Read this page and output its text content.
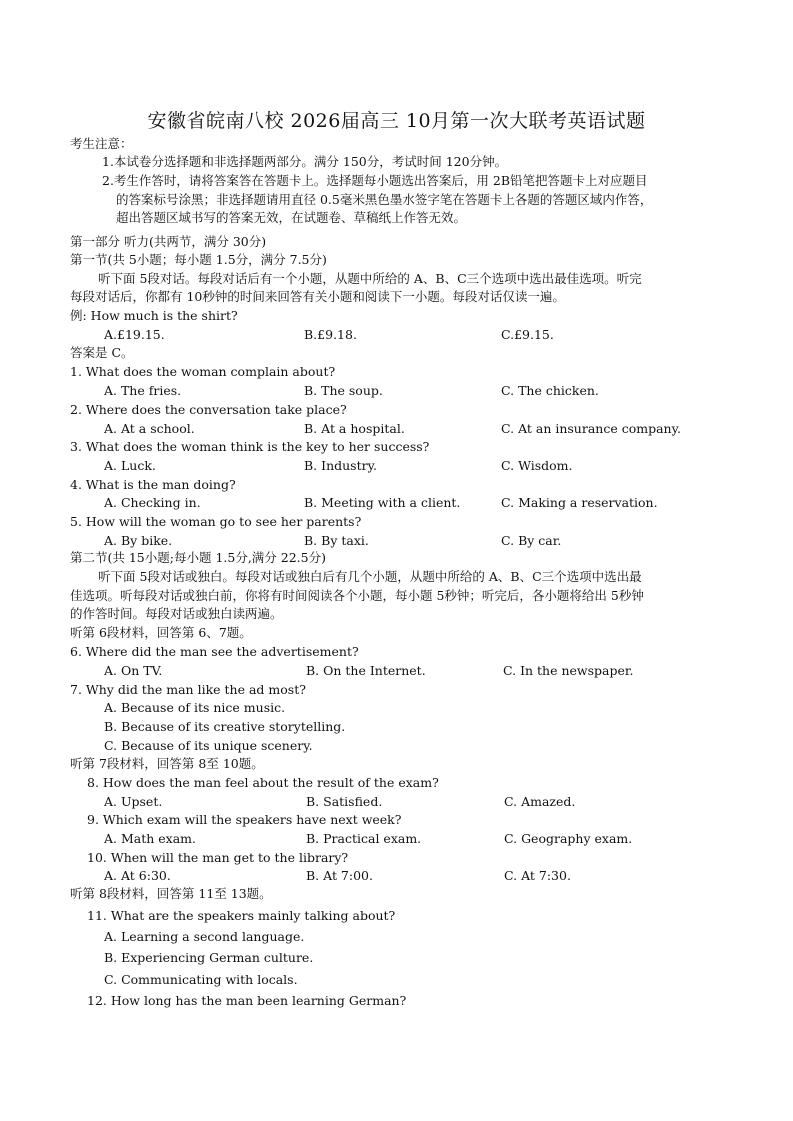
安徽省皖南八校 2026届高三 10月第一次大联考英语试题
考生注意：
1.本试卷分选择题和非选择题两部分。满分 150分，考试时间 120分钟。
2.考生作答时，请将答案答在答题卡上。选择题每小题选出答案后，用 2B铅笔把答题卡上对应题目
的答案标号涂黑；非选择题请用直径 0.5毫米黑色墨水签字笔在答题卡上各题的答题区域内作答，
超出答题区域书写的答案无效，在试题卷、草稿纸上作答无效。
第一部分 听力(共两节，满分 30分)
第一节(共 5小题；每小题 1.5分，满分 7.5分)
听下面 5段对话。每段对话后有一个小题，从题中所给的 A、B、C三个选项中选出最佳选项。听完
每段对话后，你都有 10秒钟的时间来回答有关小题和阅读下一小题。每段对话仅读一遍。
例: How much is the shirt?
A.£19.15.	B.£9.18.	C.£9.15.
答案是 C。
1. What does the woman complain about?
A. The fries.	B. The soup.	C. The chicken.
2. Where does the conversation take place?
A. At a school.	B. At a hospital.	C. At an insurance company.
3. What does the woman think is the key to her success?
A. Luck.	B. Industry.	C. Wisdom.
4. What is the man doing?
A. Checking in.	B. Meeting with a client.	C. Making a reservation.
5. How will the woman go to see her parents?
A. By bike.	B. By taxi.	C. By car.
第二节(共 15小题;每小题 1.5分,满分 22.5分)
听下面 5段对话或独白。每段对话或独白后有几个小题，从题中所给的 A、B、C三个选项中选出最
佳选项。听每段对话或独白前，你将有时间阅读各个小题，每小题 5秒钟；听完后，各小题将给出 5秒钟
的作答时间。每段对话或独白读两遍。
听第 6段材料，回答第 6、7题。
6. Where did the man see the advertisement?
A. On TV.	B. On the Internet.	C. In the newspaper.
7. Why did the man like the ad most?
A. Because of its nice music.
B. Because of its creative storytelling.
C. Because of its unique scenery.
听第 7段材料，回答第 8至 10题。
8. How does the man feel about the result of the exam?
A. Upset.	B. Satisfied.	C. Amazed.
9. Which exam will the speakers have next week?
A. Math exam.	B. Practical exam.	C. Geography exam.
10. When will the man get to the library?
A. At 6:30.	B. At 7:00.	C. At 7:30.
听第 8段材料，回答第 11至 13题。
11. What are the speakers mainly talking about?
A. Learning a second language.
B. Experiencing German culture.
C. Communicating with locals.
12. How long has the man been learning German?
